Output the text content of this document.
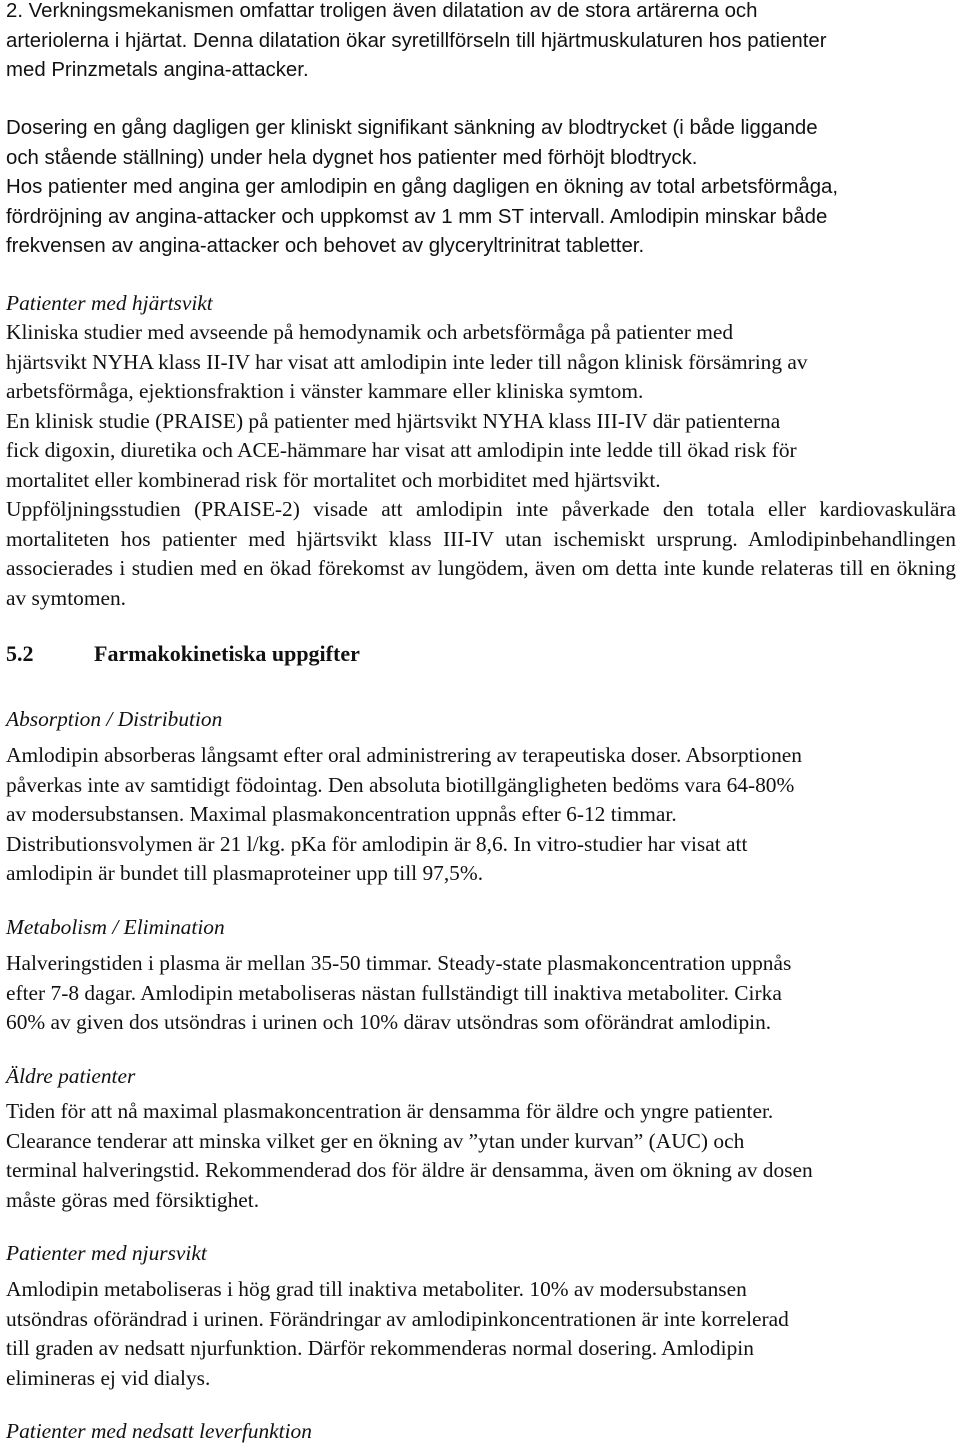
2. Verkningsmekanismen omfattar troligen även dilatation av de stora artärerna och
arteriolerna i hjärtat. Denna dilatation ökar syretillförseln till hjärtmuskulaturen hos patienter
med Prinzmetals angina-attacker.
Dosering en gång dagligen ger kliniskt signifikant sänkning av blodtrycket (i både liggande
och stående ställning) under hela dygnet hos patienter med förhöjt blodtryck.
Hos patienter med angina ger amlodipin en gång dagligen en ökning av total arbetsförmåga,
fördröjning av angina-attacker och uppkomst av 1 mm ST intervall. Amlodipin minskar både
frekvensen av angina-attacker och behovet av glyceryltrinitrat tabletter.
Patienter med hjärtsvikt
Kliniska studier med avseende på hemodynamik och arbetsförmåga på patienter med
hjärtsvikt NYHA klass II-IV har visat att amlodipin inte leder till någon klinisk försämring av
arbetsförmåga, ejektionsfraktion i vänster kammare eller kliniska symtom.
En klinisk studie (PRAISE) på patienter med hjärtsvikt NYHA klass III-IV där patienterna
fick digoxin, diuretika och ACE-hämmare har visat att amlodipin inte ledde till ökad risk för
mortalitet eller kombinerad risk för mortalitet och morbiditet med hjärtsvikt.
Uppföljningsstudien (PRAISE-2) visade att amlodipin inte påverkade den totala eller kardiovaskulära mortaliteten hos patienter med hjärtsvikt klass III-IV utan ischemiskt ursprung. Amlodipinbehandlingen associerades i studien med en ökad förekomst av lungödem, även om detta inte kunde relateras till en ökning av symtomen.
5.2	Farmakokinetiska uppgifter
Absorption / Distribution
Amlodipin absorberas långsamt efter oral administrering av terapeutiska doser. Absorptionen
påverkas inte av samtidigt födointag. Den absoluta biotillgängligheten bedöms vara 64-80%
av modersubstansen. Maximal plasmakoncentration uppnås efter 6-12 timmar.
Distributionsvolymen är 21 l/kg. pKa för amlodipin är 8,6. In vitro-studier har visat att
amlodipin är bundet till plasmaproteiner upp till 97,5%.
Metabolism / Elimination
Halveringstiden i plasma är mellan 35-50 timmar. Steady-state plasmakoncentration uppnås
efter 7-8 dagar. Amlodipin metaboliseras nästan fullständigt till inaktiva metaboliter. Cirka
60% av given dos utsöndras i urinen och 10% därav utsöndras som oförändrat amlodipin.
Äldre patienter
Tiden för att nå maximal plasmakoncentration är densamma för äldre och yngre patienter.
Clearance tenderar att minska vilket ger en ökning av ”ytan under kurvan” (AUC) och
terminal halveringstid. Rekommenderad dos för äldre är densamma, även om ökning av dosen
måste göras med försiktighet.
Patienter med njursvikt
Amlodipin metaboliseras i hög grad till inaktiva metaboliter. 10% av modersubstansen
utsöndras oförändrad i urinen. Förändringar av amlodipinkoncentrationen är inte korrelerad
till graden av nedsatt njurfunktion. Därför rekommenderas normal dosering. Amlodipin
elimineras ej vid dialys.
Patienter med nedsatt leverfunktion
